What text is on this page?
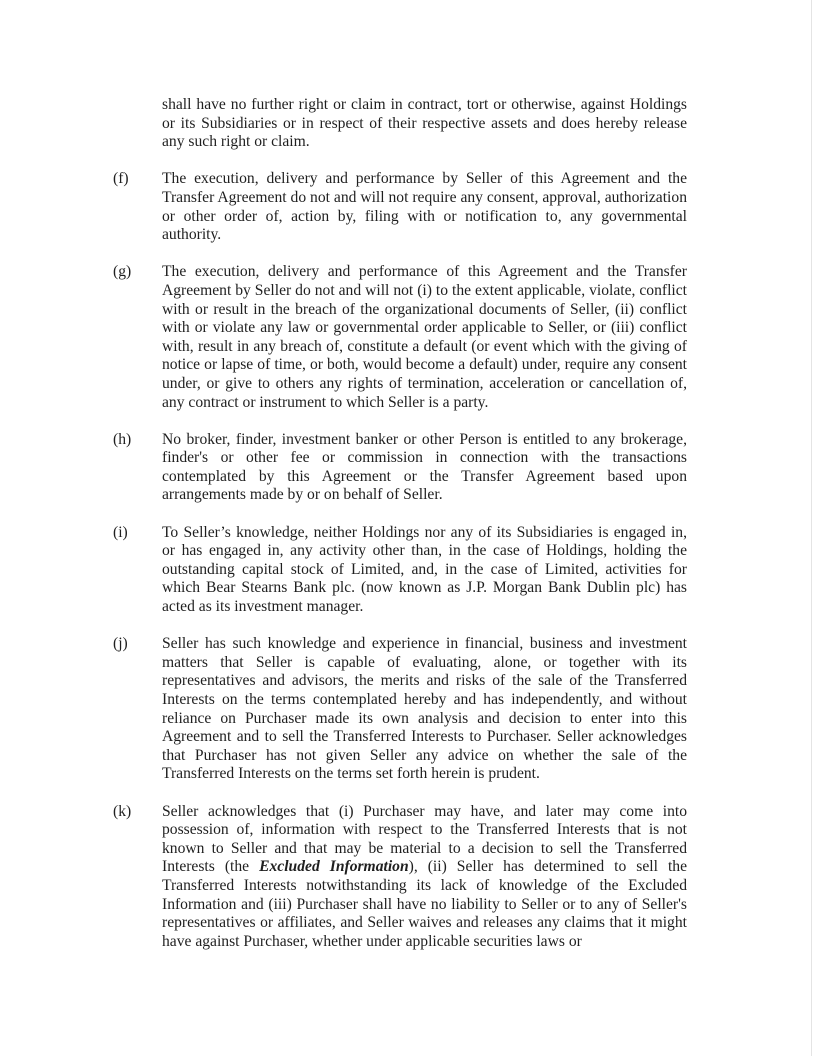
shall have no further right or claim in contract, tort or otherwise, against Holdings or its Subsidiaries or in respect of their respective assets and does hereby release any such right or claim.
(f) The execution, delivery and performance by Seller of this Agreement and the Transfer Agreement do not and will not require any consent, approval, authorization or other order of, action by, filing with or notification to, any governmental authority.
(g) The execution, delivery and performance of this Agreement and the Transfer Agreement by Seller do not and will not (i) to the extent applicable, violate, conflict with or result in the breach of the organizational documents of Seller, (ii) conflict with or violate any law or governmental order applicable to Seller, or (iii) conflict with, result in any breach of, constitute a default (or event which with the giving of notice or lapse of time, or both, would become a default) under, require any consent under, or give to others any rights of termination, acceleration or cancellation of, any contract or instrument to which Seller is a party.
(h) No broker, finder, investment banker or other Person is entitled to any brokerage, finder's or other fee or commission in connection with the transactions contemplated by this Agreement or the Transfer Agreement based upon arrangements made by or on behalf of Seller.
(i) To Seller’s knowledge, neither Holdings nor any of its Subsidiaries is engaged in, or has engaged in, any activity other than, in the case of Holdings, holding the outstanding capital stock of Limited, and, in the case of Limited, activities for which Bear Stearns Bank plc. (now known as J.P. Morgan Bank Dublin plc) has acted as its investment manager.
(j) Seller has such knowledge and experience in financial, business and investment matters that Seller is capable of evaluating, alone, or together with its representatives and advisors, the merits and risks of the sale of the Transferred Interests on the terms contemplated hereby and has independently, and without reliance on Purchaser made its own analysis and decision to enter into this Agreement and to sell the Transferred Interests to Purchaser. Seller acknowledges that Purchaser has not given Seller any advice on whether the sale of the Transferred Interests on the terms set forth herein is prudent.
(k) Seller acknowledges that (i) Purchaser may have, and later may come into possession of, information with respect to the Transferred Interests that is not known to Seller and that may be material to a decision to sell the Transferred Interests (the Excluded Information), (ii) Seller has determined to sell the Transferred Interests notwithstanding its lack of knowledge of the Excluded Information and (iii) Purchaser shall have no liability to Seller or to any of Seller's representatives or affiliates, and Seller waives and releases any claims that it might have against Purchaser, whether under applicable securities laws or
